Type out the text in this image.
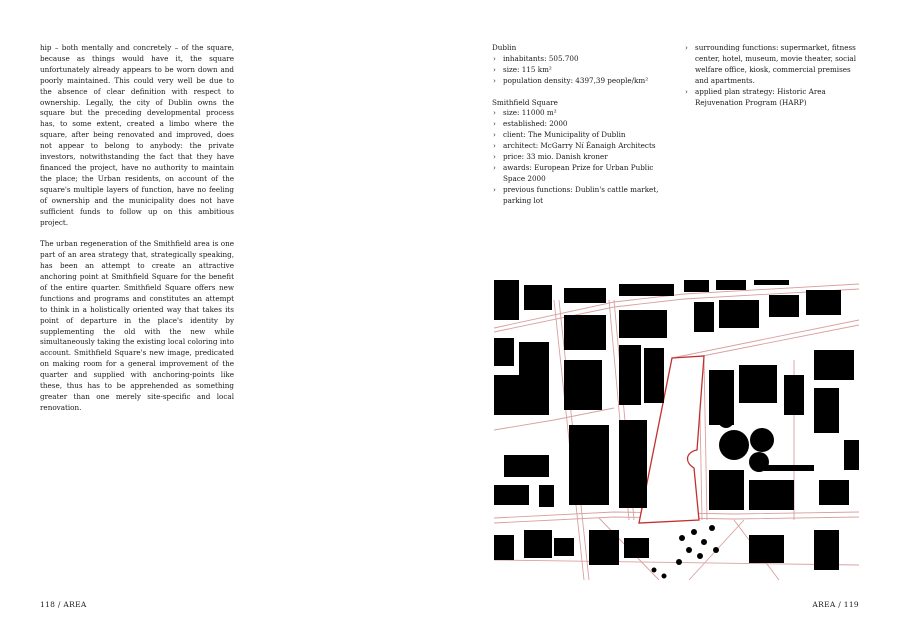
hip – both mentally and concretely – of the square, because as things would have it, the square unfortunately already appears to be worn down and poorly maintained. This could very well be due to the absence of clear definition with respect to ownership. Legally, the city of Dublin owns the square but the preceding developmental process has, to some extent, created a limbo where the square, after being renovated and improved, does not appear to belong to anybody: the private investors, notwithstanding the fact that they have financed the project, have no authority to maintain the place; the Urban residents, on account of the square's multiple layers of function, have no feeling of ownership and the municipality does not have sufficient funds to follow up on this ambitious project.

The urban regeneration of the Smithfield area is one part of an area strategy that, strategically speaking, has been an attempt to create an attractive anchoring point at Smithfield Square for the benefit of the entire quarter. Smithfield Square offers new functions and programs and constitutes an attempt to think in a holistically oriented way that takes its point of departure in the place's identity by supplementing the old with the new while simultaneously taking the existing local coloring into account. Smithfield Square's new image, predicated on making room for a general improvement of the quarter and supplied with anchoring-points like these, thus has to be apprehended as something greater than one merely site-specific and local renovation.

Dublin
› inhabitants: 505.700
› size: 115 km²
› population density: 4397,39 people/km²
Smithfield Square
› size: 11000 m²
› established: 2000
› client: The Municipality of Dublin
› architect: McGarry Ní Éanaigh Architects
› price: 33 mio. Danish kroner
› awards: European Prize for Urban Public Space 2000
› previous functions: Dublin's cattle market, parking lot
› surrounding functions: supermarket, fitness center, hotel, museum, movie theater, social welfare office, kiosk, commercial premises and apartments.
› applied plan strategy: Historic Area Rejuvenation Program (HARP)
118 / AREA	AREA / 119
